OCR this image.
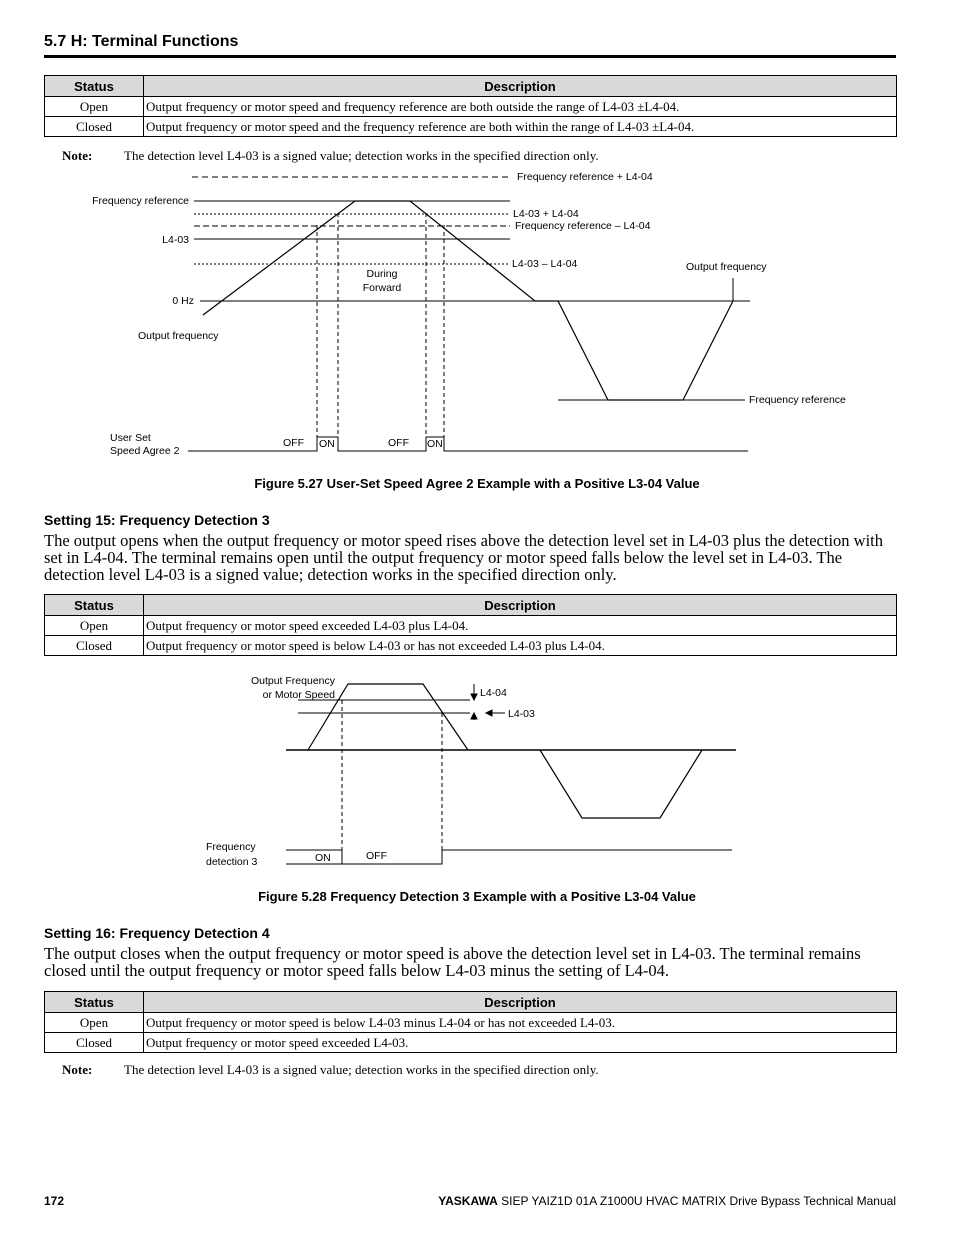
5.7 H: Terminal Functions
Status	Description
Open	Output frequency or motor speed and frequency reference are both outside the range of L4-03 ±L4-04.
Closed	Output frequency or motor speed and the frequency reference are both within the range of L4-03 ±L4-04.
Note: The detection level L4-03 is a signed value; detection works in the specified direction only.
Frequency reference + L4-04
Frequency reference
L4-03 + L4-04
Frequency reference – L4-04
L4-03
L4-03 – L4-04
During
Forward
Output frequency
0 Hz
Output frequency
Frequency reference
User Set
Speed Agree 2
OFF ON	OFF ON
Figure 5.27 User-Set Speed Agree 2 Example with a Positive L3-04 Value
Setting 15: Frequency Detection 3
The output opens when the output frequency or motor speed rises above the detection level set in L4-03 plus the detection with set in L4-04. The terminal remains open until the output frequency or motor speed falls below the level set in L4-03. The detection level L4-03 is a signed value; detection works in the specified direction only.
Status	Description
Open	Output frequency or motor speed exceeded L4-03 plus L4-04.
Closed	Output frequency or motor speed is below L4-03 or has not exceeded L4-03 plus L4-04.
Output Frequency
or Motor Speed	L4-04
L4-03
Frequency
detection 3	ON	OFF
Figure 5.28 Frequency Detection 3 Example with a Positive L3-04 Value
Setting 16: Frequency Detection 4
The output closes when the output frequency or motor speed is above the detection level set in L4-03. The terminal remains closed until the output frequency or motor speed falls below L4-03 minus the setting of L4-04.
Status	Description
Open	Output frequency or motor speed is below L4-03 minus L4-04 or has not exceeded L4-03.
Closed	Output frequency or motor speed exceeded L4-03.
Note: The detection level L4-03 is a signed value; detection works in the specified direction only.
172	YASKAWA SIEP YAIZ1D 01A Z1000U HVAC MATRIX Drive Bypass Technical Manual
